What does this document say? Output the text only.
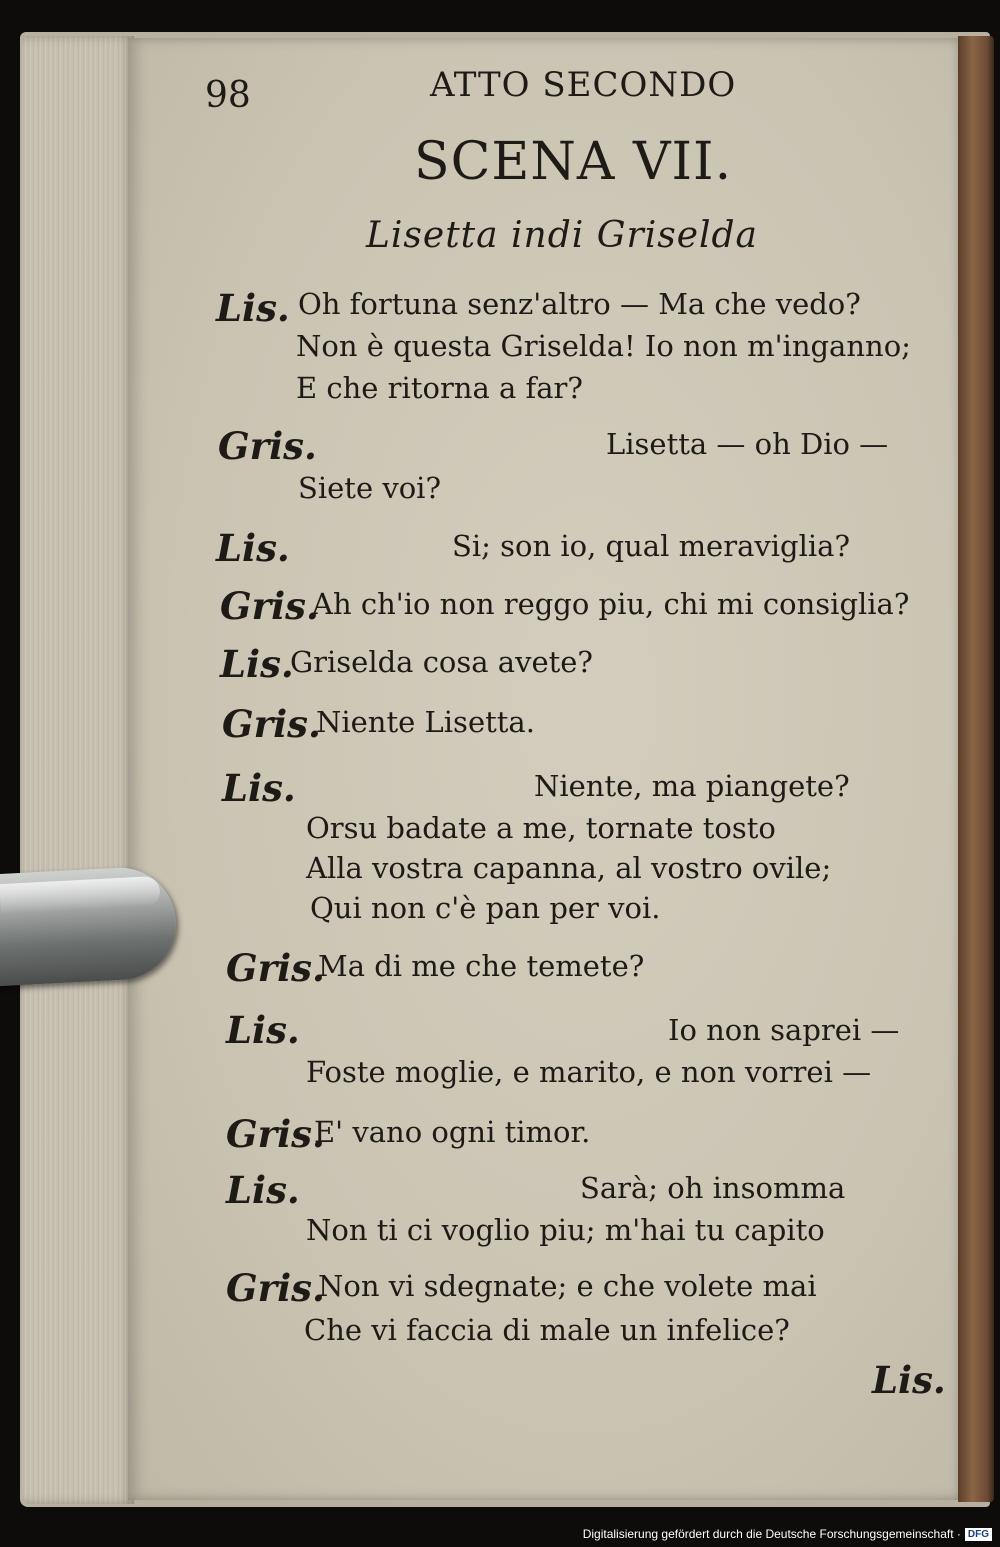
98	ATTO SECONDO
SCENA VII.
Lisetta indi Griselda
Lis. Oh fortuna senz'altro — Ma che vedo?
Non è questa Griselda! Io non m'inganno;
E che ritorna a far?
Gris.	Lisetta — oh Dio —
Siete voi?
Lis.	Si; son io, qual meraviglia?
Gris.
Ah ch'io non reggo piu, chi mi consiglia?
Lis.
Griselda cosa avete?
Gris.
Niente Lisetta.
Lis.	Niente, ma piangete?
Orsu badate a me, tornate tosto
Alla vostra capanna, al vostro ovile;
Qui non c'è pan per voi.
Gris.
Ma di me che temete?
Lis.	Io non saprei —
Foste moglie, e marito, e non vorrei —
Gris.
E' vano ogni timor.
Lis.	Sarà; oh insomma
Non ti ci voglio piu; m'hai tu capito
Gris.
Non vi sdegnate; e che volete mai
Che vi faccia di male un infelice?
Lis.
Digitalisierung gefördert durch die Deutsche Forschungsgemeinschaft · DFG
